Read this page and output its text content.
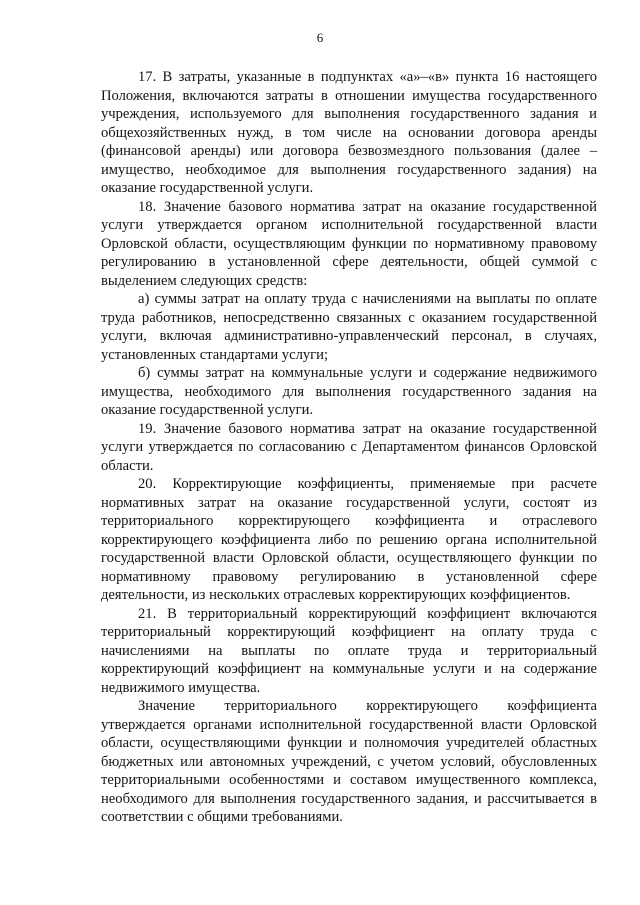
6

17. В затраты, указанные в подпунктах «а»–«в» пункта 16 настоящего Положения, включаются затраты в отношении имущества государственного учреждения, используемого для выполнения государственного задания и общехозяйственных нужд, в том числе на основании договора аренды (финансовой аренды) или договора безвозмездного пользования (далее – имущество, необходимое для выполнения государственного задания) на оказание государственной услуги.

18. Значение базового норматива затрат на оказание государственной услуги утверждается органом исполнительной государственной власти Орловской области, осуществляющим функции по нормативному правовому регулированию в установленной сфере деятельности, общей суммой с выделением следующих средств:

а) суммы затрат на оплату труда с начислениями на выплаты по оплате труда работников, непосредственно связанных с оказанием государственной услуги, включая административно-управленческий персонал, в случаях, установленных стандартами услуги;

б) суммы затрат на коммунальные услуги и содержание недвижимого имущества, необходимого для выполнения государственного задания на оказание государственной услуги.

19. Значение базового норматива затрат на оказание государственной услуги утверждается по согласованию с Департаментом финансов Орловской области.

20. Корректирующие коэффициенты, применяемые при расчете нормативных затрат на оказание государственной услуги, состоят из территориального корректирующего коэффициента и отраслевого корректирующего коэффициента либо по решению органа исполнительной государственной власти Орловской области, осуществляющего функции по нормативному правовому регулированию в установленной сфере деятельности, из нескольких отраслевых корректирующих коэффициентов.

21. В территориальный корректирующий коэффициент включаются территориальный корректирующий коэффициент на оплату труда с начислениями на выплаты по оплате труда и территориальный корректирующий коэффициент на коммунальные услуги и на содержание недвижимого имущества.

Значение территориального корректирующего коэффициента утверждается органами исполнительной государственной власти Орловской области, осуществляющими функции и полномочия учредителей областных бюджетных или автономных учреждений, с учетом условий, обусловленных территориальными особенностями и составом имущественного комплекса, необходимого для выполнения государственного задания, и рассчитывается в соответствии с общими требованиями.
